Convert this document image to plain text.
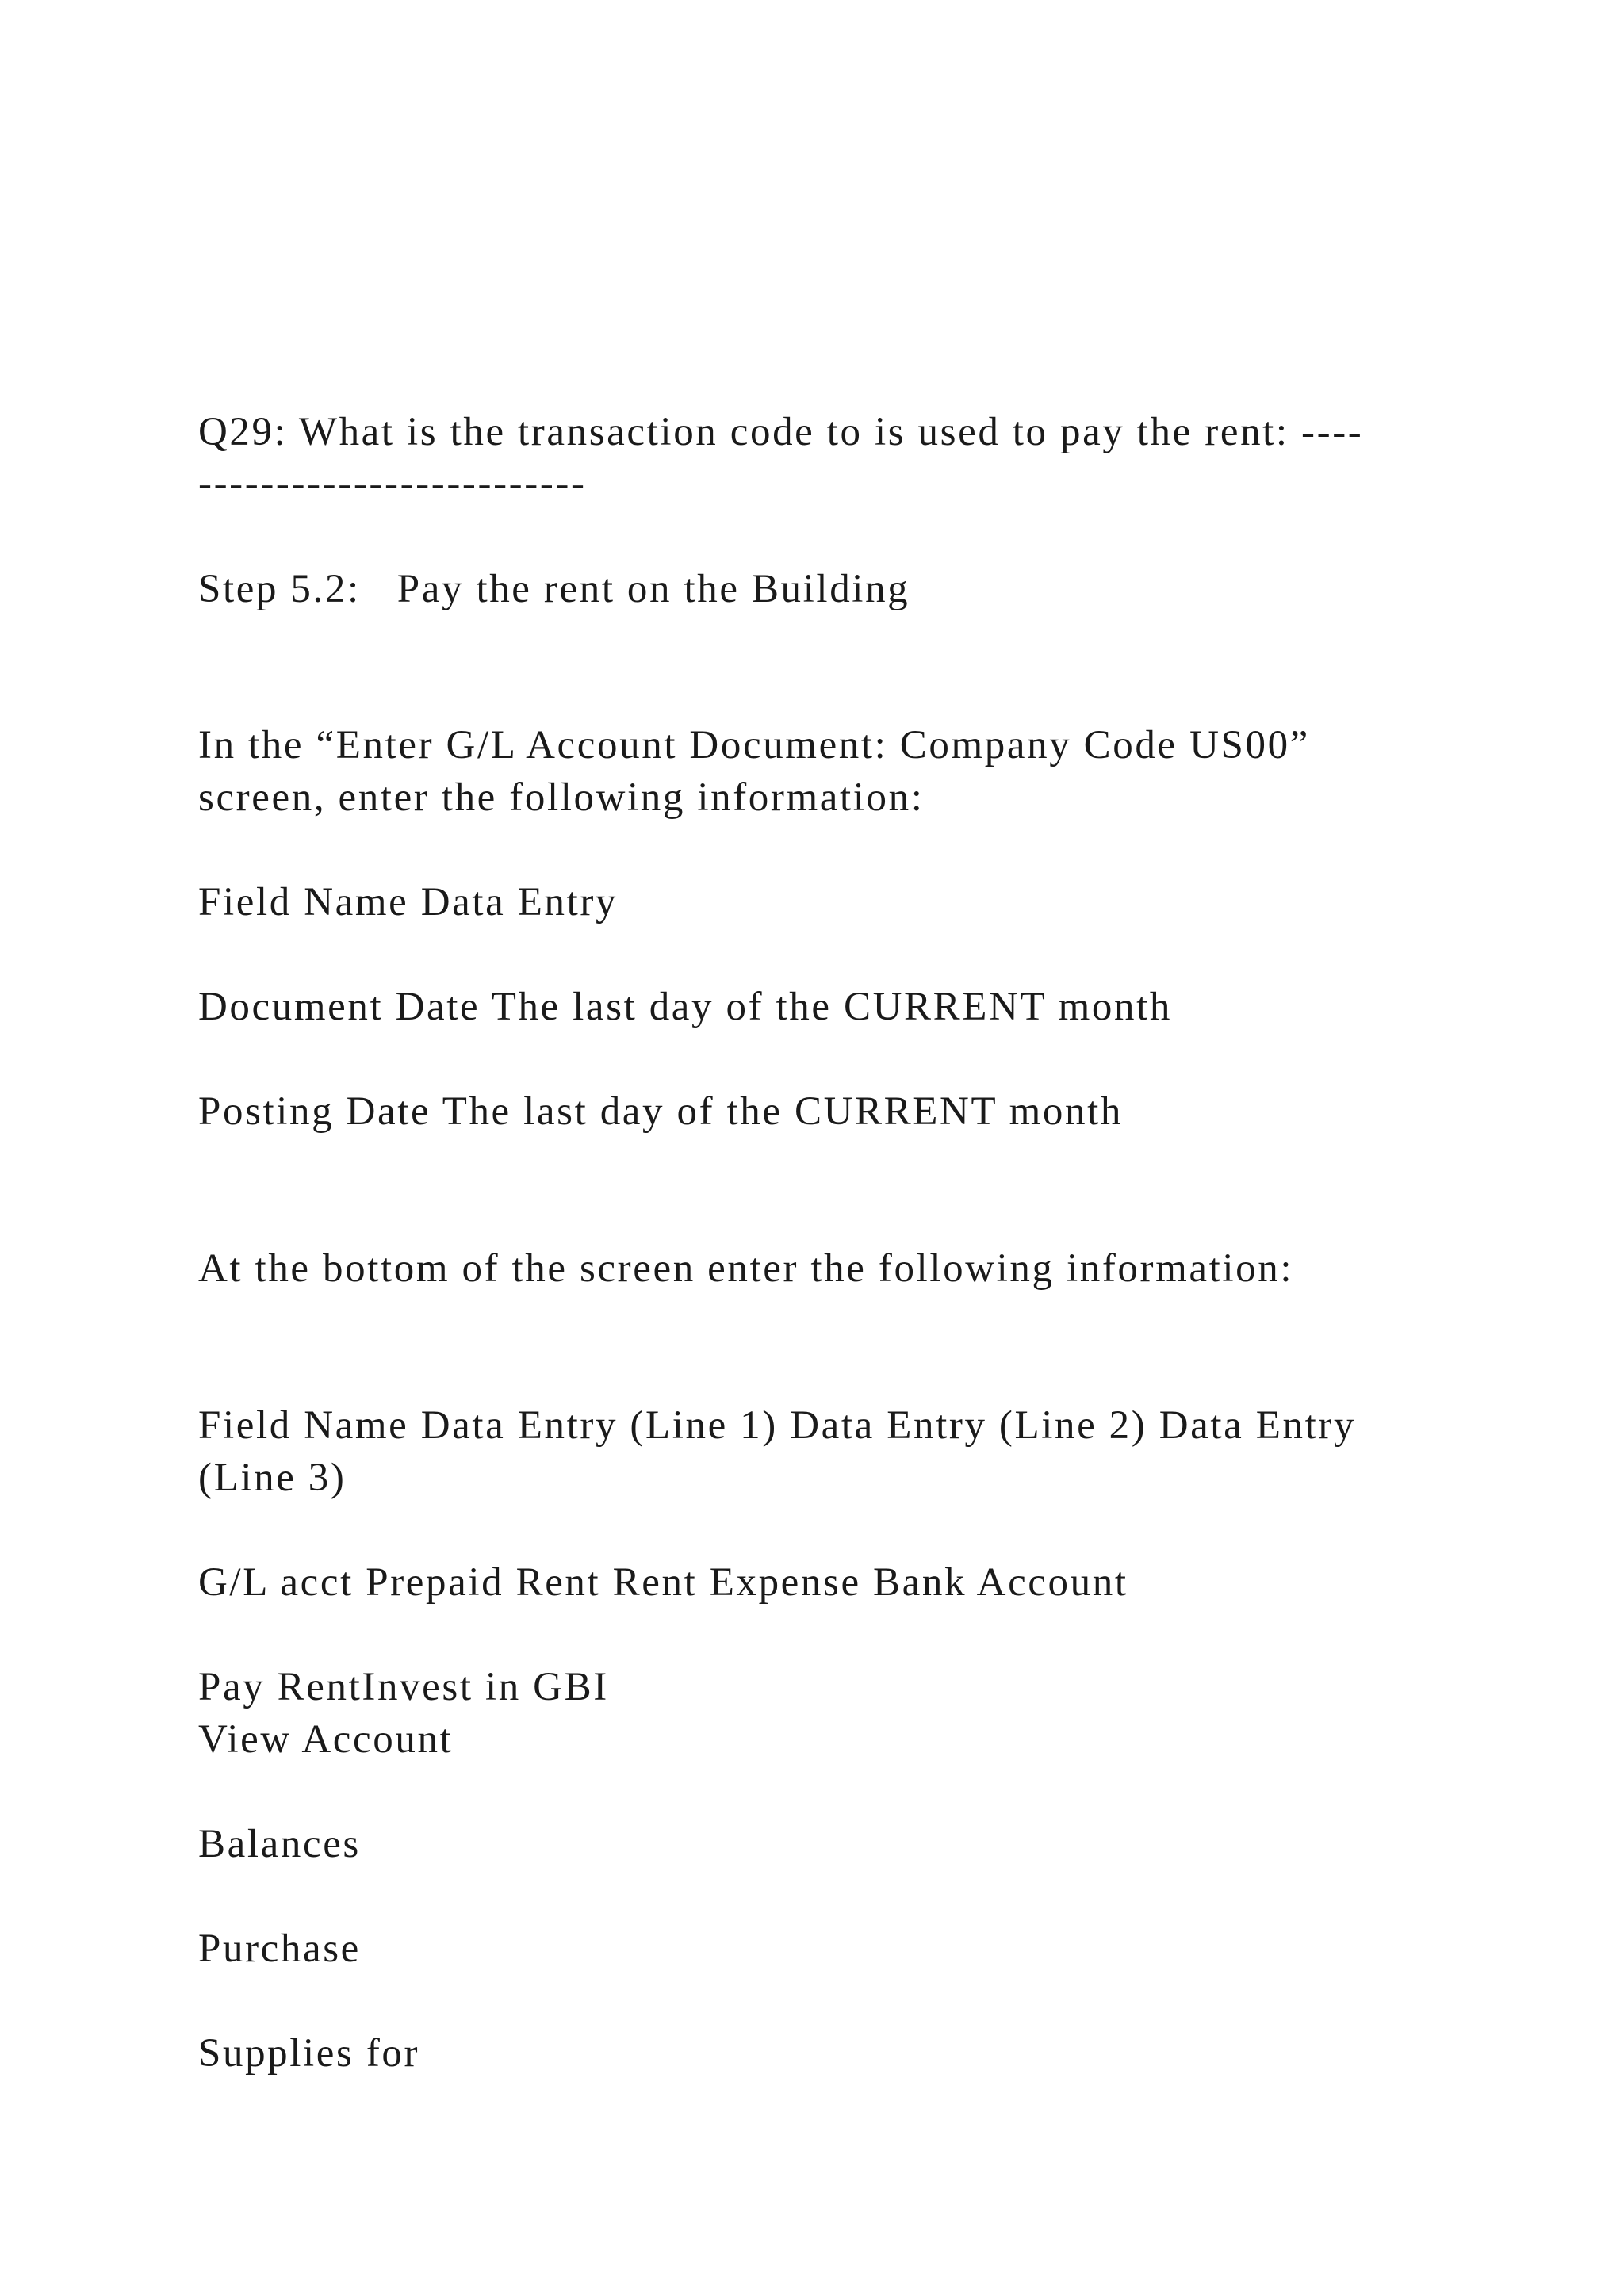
Q29: What is the transaction code to is used to pay the rent: ----
-------------------------
Step 5.2:   Pay the rent on the Building
In the “Enter G/L Account Document: Company Code US00”
screen, enter the following information:
Field Name Data Entry
Document Date The last day of the CURRENT month
Posting Date The last day of the CURRENT month
At the bottom of the screen enter the following information:
Field Name Data Entry (Line 1) Data Entry (Line 2) Data Entry
(Line 3)
G/L acct Prepaid Rent Rent Expense Bank Account
Pay RentInvest in GBI
View Account
Balances
Purchase
Supplies for
